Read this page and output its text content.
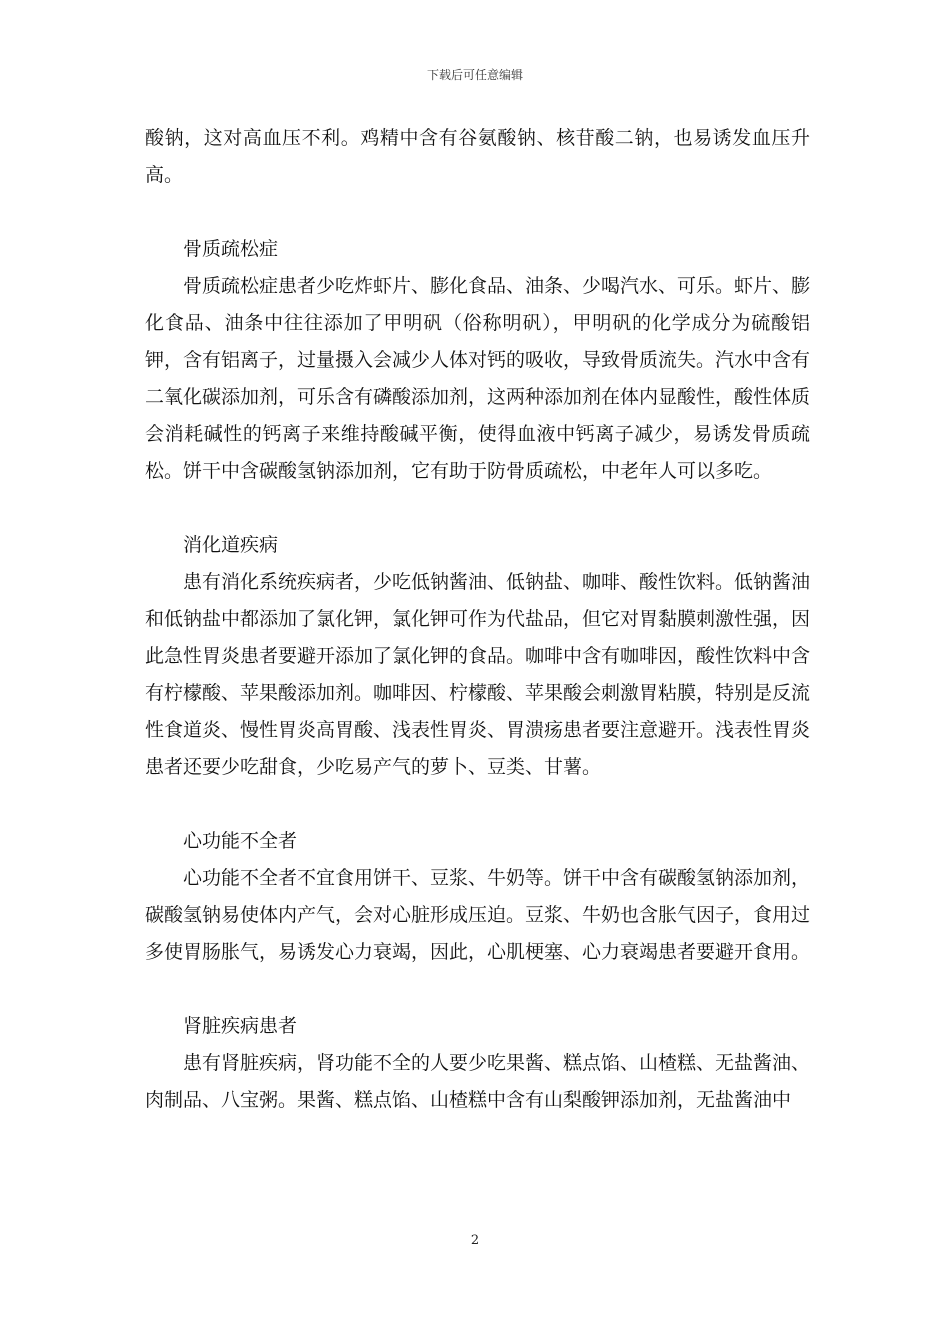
下载后可任意编辑

酸钠，这对高血压不利。鸡精中含有谷氨酸钠、核苷酸二钠，也易诱发血压升高。

骨质疏松症

骨质疏松症患者少吃炸虾片、膨化食品、油条、少喝汽水、可乐。虾片、膨化食品、油条中往往添加了甲明矾（俗称明矾），甲明矾的化学成分为硫酸铝钾，含有铝离子，过量摄入会减少人体对钙的吸收，导致骨质流失。汽水中含有二氧化碳添加剂，可乐含有磷酸添加剂，这两种添加剂在体内显酸性，酸性体质会消耗碱性的钙离子来维持酸碱平衡，使得血液中钙离子减少，易诱发骨质疏松。饼干中含碳酸氢钠添加剂，它有助于防骨质疏松，中老年人可以多吃。

消化道疾病

患有消化系统疾病者，少吃低钠酱油、低钠盐、咖啡、酸性饮料。低钠酱油和低钠盐中都添加了氯化钾，氯化钾可作为代盐品，但它对胃黏膜刺激性强，因此急性胃炎患者要避开添加了氯化钾的食品。咖啡中含有咖啡因，酸性饮料中含有柠檬酸、苹果酸添加剂。咖啡因、柠檬酸、苹果酸会刺激胃粘膜，特别是反流性食道炎、慢性胃炎高胃酸、浅表性胃炎、胃溃疡患者要注意避开。浅表性胃炎患者还要少吃甜食，少吃易产气的萝卜、豆类、甘薯。

心功能不全者

心功能不全者不宜食用饼干、豆浆、牛奶等。饼干中含有碳酸氢钠添加剂，碳酸氢钠易使体内产气，会对心脏形成压迫。豆浆、牛奶也含胀气因子，食用过多使胃肠胀气，易诱发心力衰竭，因此，心肌梗塞、心力衰竭患者要避开食用。

肾脏疾病患者

患有肾脏疾病，肾功能不全的人要少吃果酱、糕点馅、山楂糕、无盐酱油、肉制品、八宝粥。果酱、糕点馅、山楂糕中含有山梨酸钾添加剂，无盐酱油中

2
